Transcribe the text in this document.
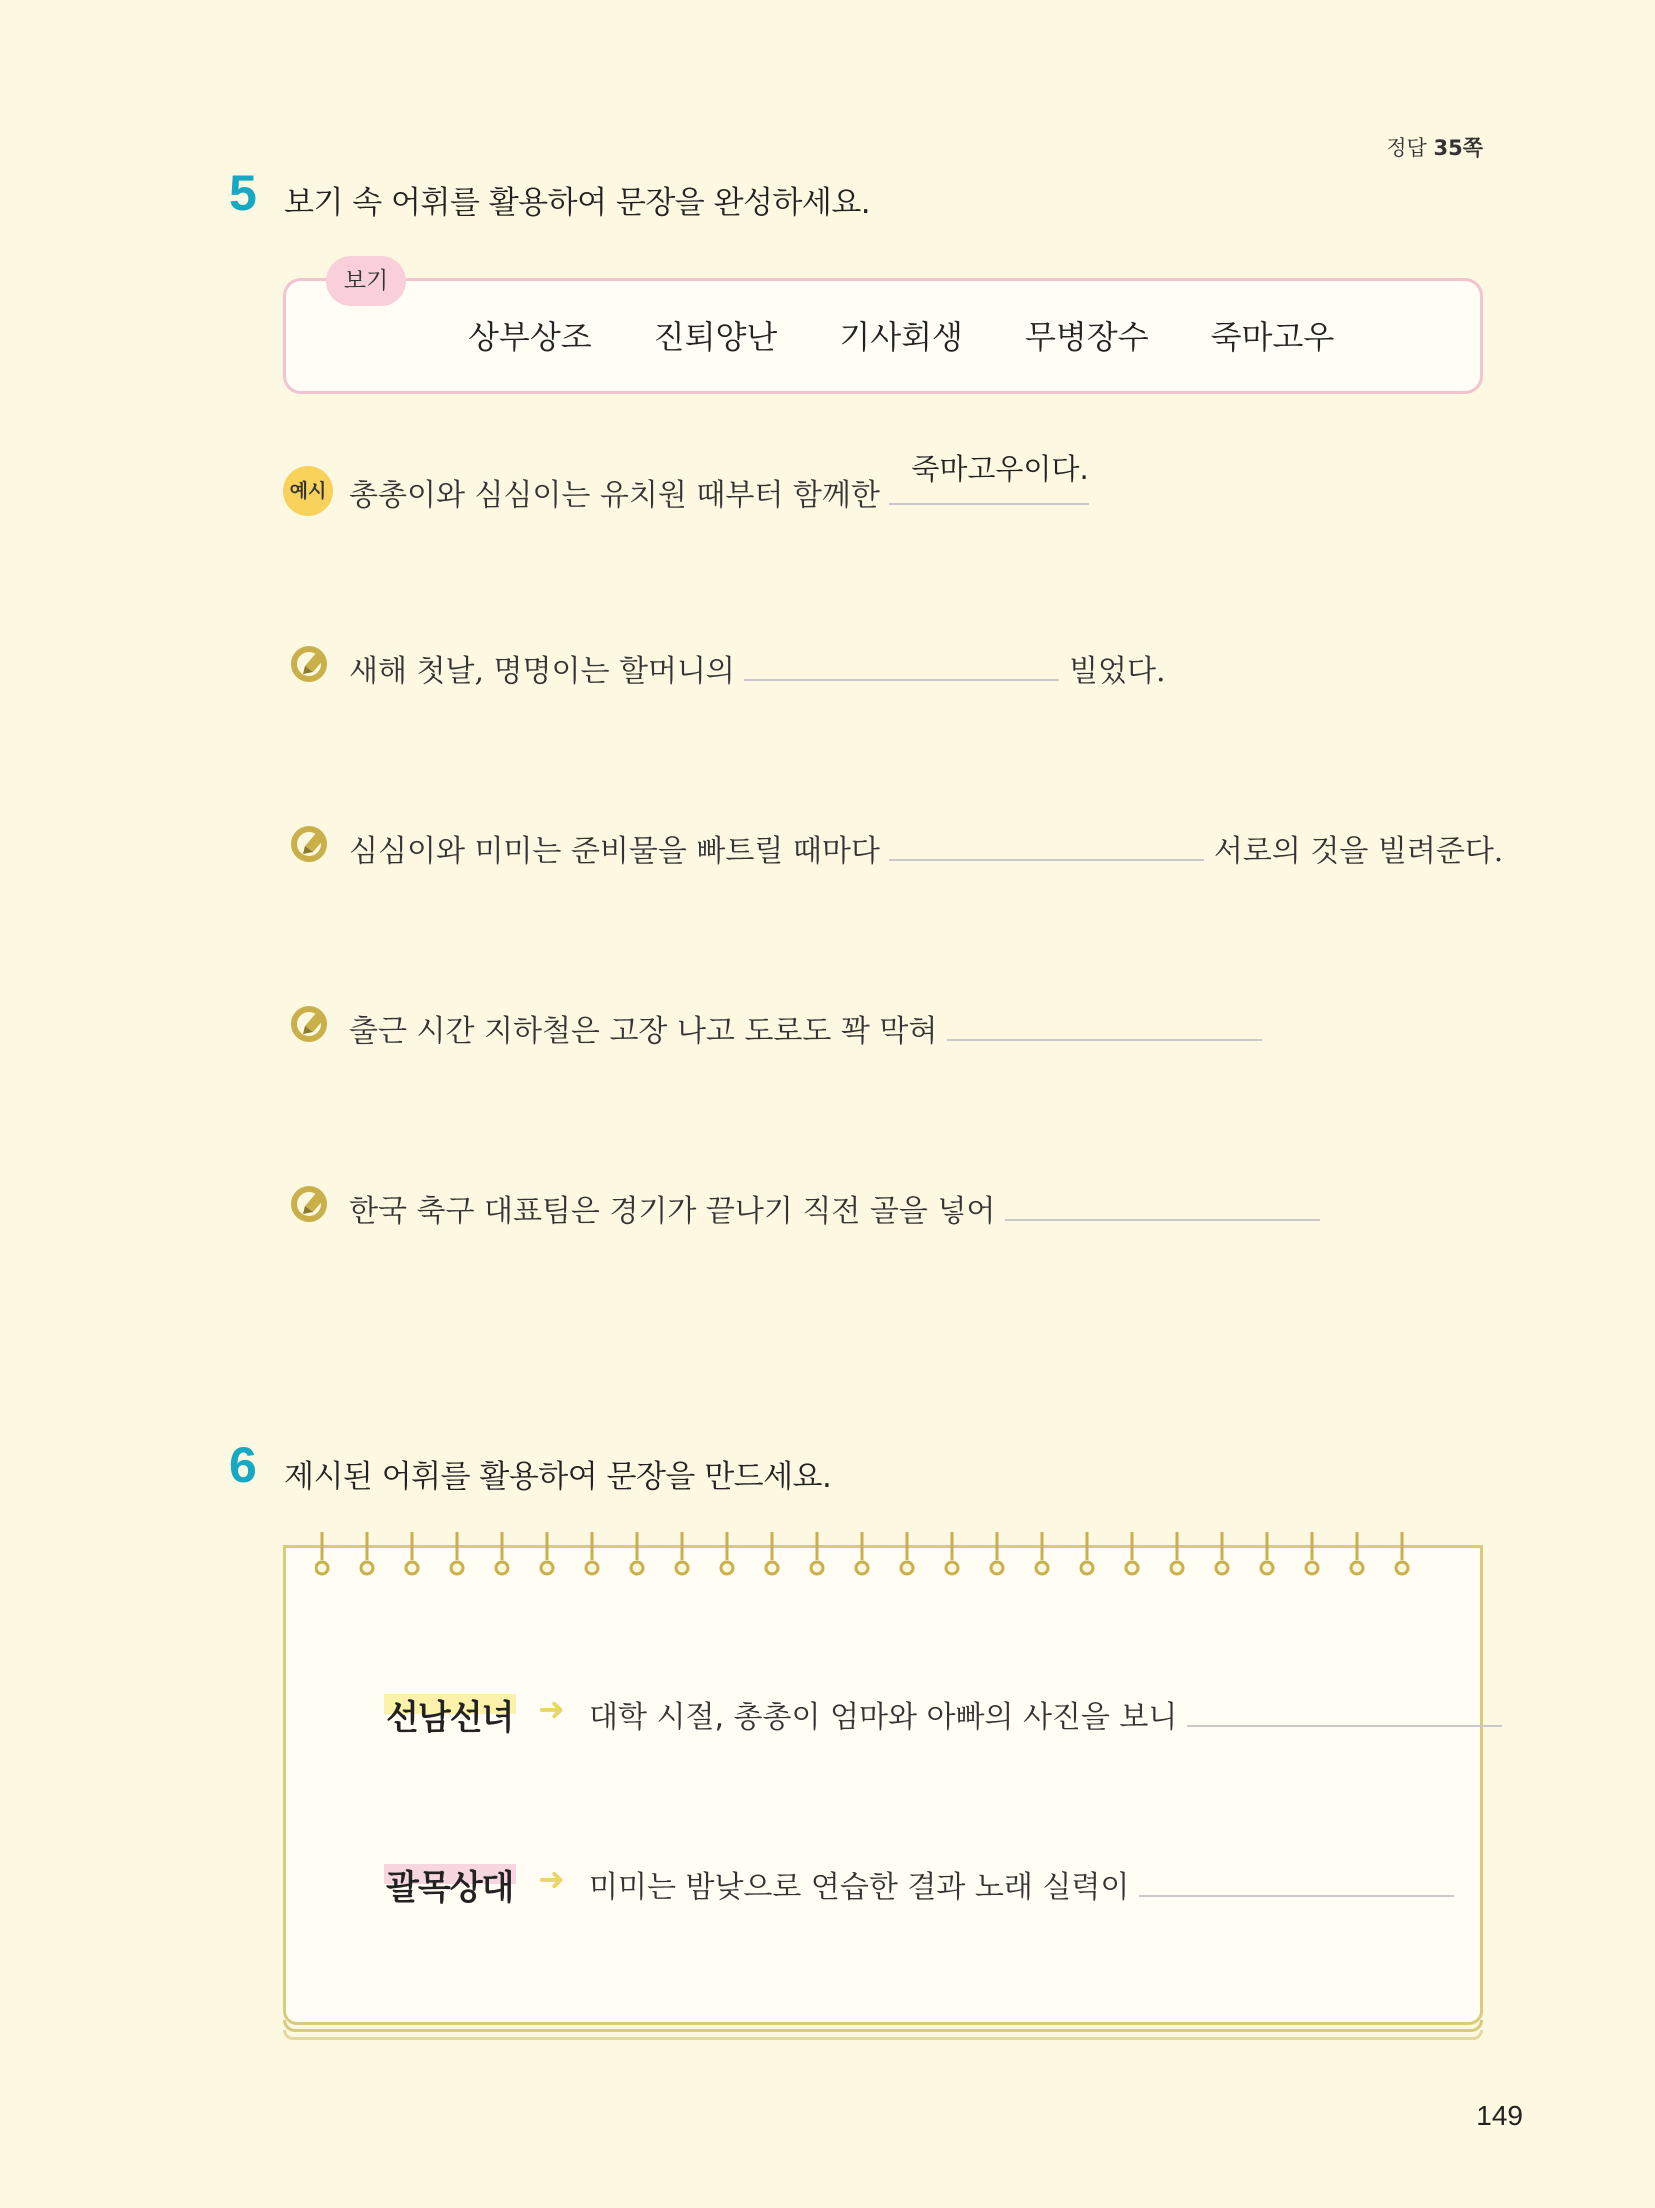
정답 35쪽
5 보기 속 어휘를 활용하여 문장을 완성하세요.
보기
상부상조 진퇴양난 기사회생 무병장수 죽마고우
예시 총총이와 심심이는 유치원 때부터 함께한
죽마고우이다.
새해 첫날, 명명이는 할머니의	빌었다.
심심이와 미미는 준비물을 빠트릴 때마다	서로의 것을 빌려준다.
출근 시간 지하철은 고장 나고 도로도 꽉 막혀
한국 축구 대표팀은 경기가 끝나기 직전 골을 넣어
6 제시된 어휘를 활용하여 문장을 만드세요.
선남선녀 ➜ 대학 시절, 총총이 엄마와 아빠의 사진을 보니
괄목상대 ➜ 미미는 밤낮으로 연습한 결과 노래 실력이
149
